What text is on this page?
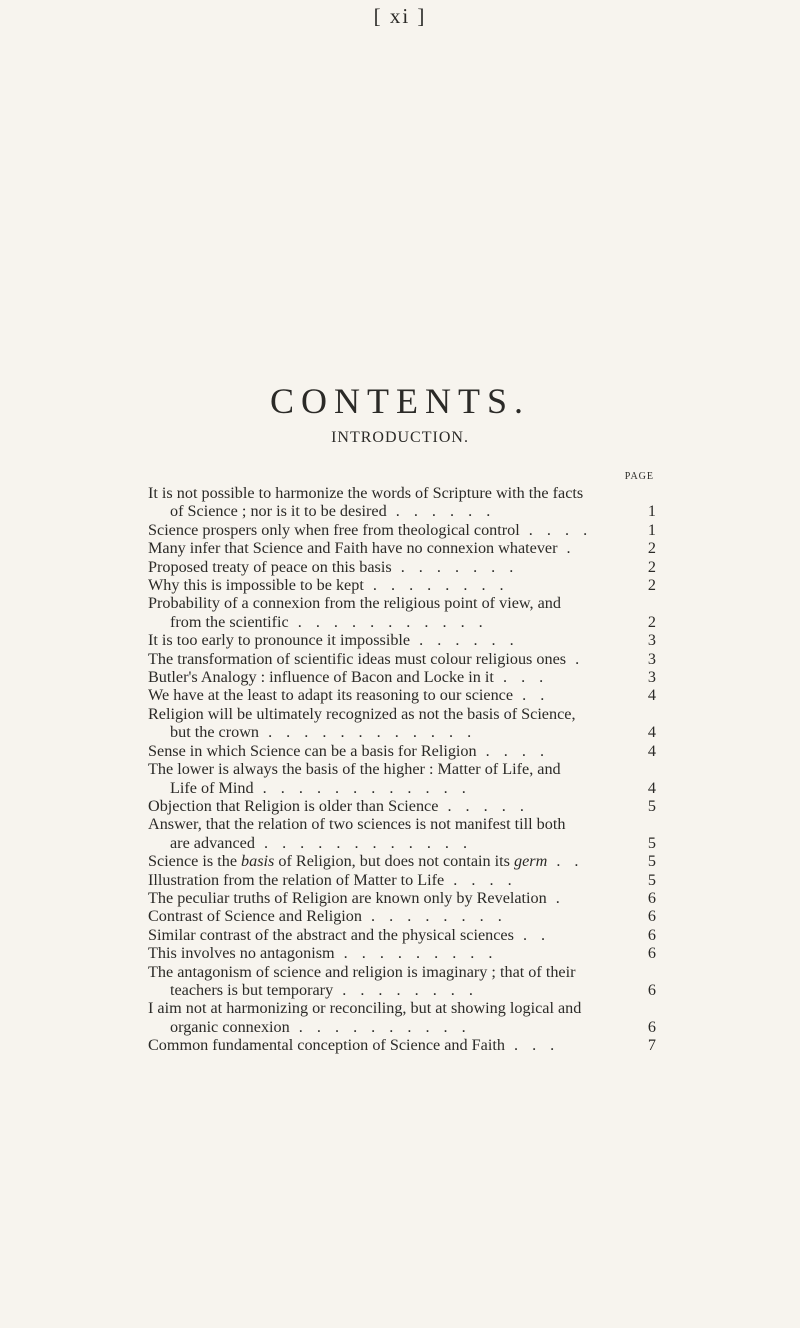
[ xi ]
CONTENTS.
INTRODUCTION.
PAGE
It is not possible to harmonize the words of Scripture with the facts
of Science ; nor is it to be desired . . . . . .	1
Science prospers only when free from theological control . . . .	1
Many infer that Science and Faith have no connexion whatever .	2
Proposed treaty of peace on this basis . . . . . . .	2
Why this is impossible to be kept . . . . . . . .	2
Probability of a connexion from the religious point of view, and
from the scientific . . . . . . . . . . .	2
It is too early to pronounce it impossible . . . . . .	3
The transformation of scientific ideas must colour religious ones .	3
Butler's Analogy : influence of Bacon and Locke in it . . .	3
We have at the least to adapt its reasoning to our science . .	4
Religion will be ultimately recognized as not the basis of Science,
but the crown . . . . . . . . . . . .	4
Sense in which Science can be a basis for Religion . . . .	4
The lower is always the basis of the higher : Matter of Life, and
Life of Mind . . . . . . . . . . . .	4
Objection that Religion is older than Science . . . . .	5
Answer, that the relation of two sciences is not manifest till both
are advanced . . . . . . . . . . . .	5
Science is the basis of Religion, but does not contain its germ . .	5
Illustration from the relation of Matter to Life . . . .	5
The peculiar truths of Religion are known only by Revelation .	6
Contrast of Science and Religion . . . . . . . .	6
Similar contrast of the abstract and the physical sciences . .	6
This involves no antagonism . . . . . . . . .	6
The antagonism of science and religion is imaginary ; that of their
teachers is but temporary . . . . . . . .	6
I aim not at harmonizing or reconciling, but at showing logical and
organic connexion . . . . . . . . . .	6
Common fundamental conception of Science and Faith . . .	7
